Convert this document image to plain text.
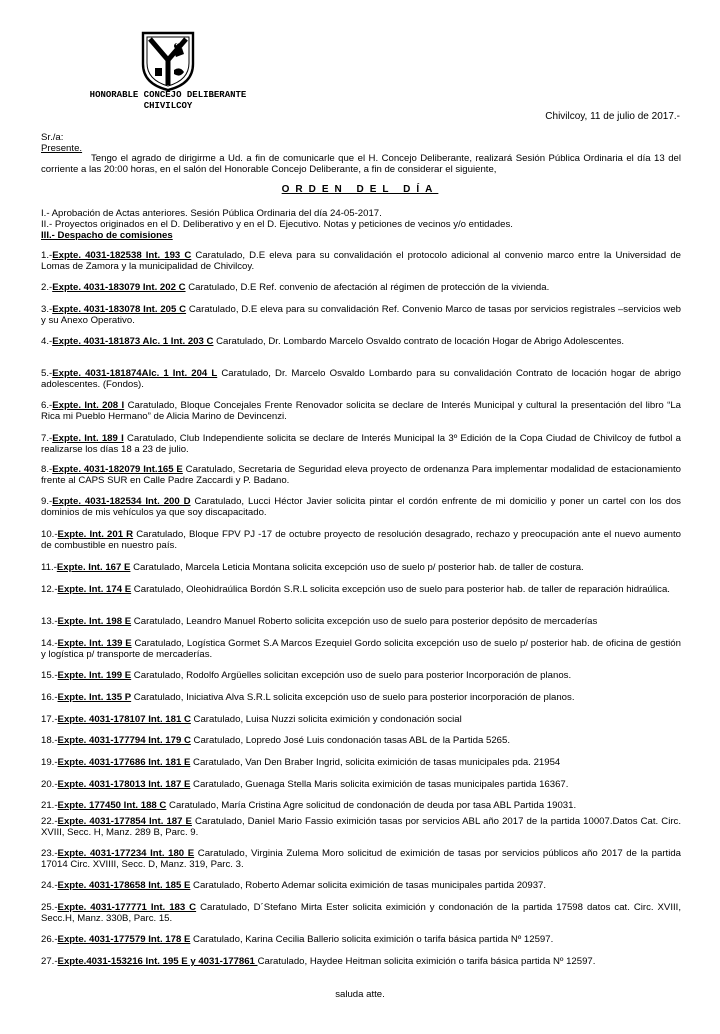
HONORABLE CONCEJO DELIBERANTE
CHIVILCOY
Chivilcoy, 11 de julio de 2017.-
Sr./a:
Presente.
Tengo el agrado de dirigirme a Ud. a fin de comunicarle que el H. Concejo Deliberante, realizará Sesión Pública Ordinaria el día 13 del corriente a las 20:00 horas, en el salón del Honorable Concejo Deliberante, a fin de considerar el siguiente,
ORDEN DEL DÍA
I.- Aprobación de Actas anteriores. Sesión Pública Ordinaria del día 24-05-2017.
II.- Proyectos originados en el D. Deliberativo y en el D. Ejecutivo. Notas y peticiones de vecinos y/o entidades.
III.- Despacho de comisiones
1.-Expte. 4031-182538 Int. 193 C Caratulado, D.E eleva para su convalidación el protocolo adicional al convenio marco entre la Universidad de Lomas de Zamora y la municipalidad de Chivilcoy.
2.-Expte. 4031-183079 Int. 202 C Caratulado, D.E Ref. convenio de afectación al régimen de protección de la vivienda.
3.-Expte. 4031-183078 Int. 205 C Caratulado, D.E eleva para su convalidación Ref. Convenio Marco de tasas por servicios registrales –servicios web y su Anexo Operativo.
4.-Expte. 4031-181873 Alc. 1 Int. 203 C Caratulado, Dr. Lombardo Marcelo Osvaldo contrato de locación Hogar de Abrigo Adolescentes.
5.-Expte. 4031-181874Alc. 1 Int. 204 L Caratulado, Dr. Marcelo Osvaldo Lombardo para su convalidación Contrato de locación hogar de abrigo adolescentes. (Fondos).
6.-Expte. Int. 208 I Caratulado, Bloque Concejales Frente Renovador solicita se declare de Interés Municipal y cultural la presentación del libro “La Rica mi Pueblo Hermano” de Alicia Marino de Devincenzi.
7.-Expte. Int. 189 I Caratulado, Club Independiente solicita se declare de Interés Municipal la 3º Edición de la Copa Ciudad de Chivilcoy de futbol a realizarse los días 18 a 23 de julio.
8.-Expte. 4031-182079 Int.165 E Caratulado, Secretaria de Seguridad eleva proyecto de ordenanza Para implementar modalidad de estacionamiento frente al CAPS SUR en Calle Padre Zaccardi y P. Badano.
9.-Expte. 4031-182534 Int. 200 D Caratulado, Lucci Héctor Javier solicita pintar el cordón enfrente de mi domicilio y poner un cartel con los dos dominios de mis vehículos ya que soy discapacitado.
10.-Expte. Int. 201 R Caratulado, Bloque FPV PJ -17 de octubre proyecto de resolución desagrado, rechazo y preocupación ante el nuevo aumento de combustible en nuestro país.
11.-Expte. Int. 167 E Caratulado, Marcela Leticia Montana solicita excepción uso de suelo p/ posterior hab. de taller de costura.
12.-Expte. Int. 174 E Caratulado, Oleohidraúlica Bordón S.R.L solicita excepción uso de suelo para posterior hab. de taller de reparación hidraúlica.
13.-Expte. Int. 198 E Caratulado, Leandro Manuel Roberto solicita excepción uso de suelo para posterior depósito de mercaderías
14.-Expte. Int. 139 E Caratulado, Logística Gormet S.A Marcos Ezequiel Gordo solicita excepción uso de suelo p/ posterior hab. de oficina de gestión y logística p/ transporte de mercaderías.
15.-Expte. Int. 199 E Caratulado, Rodolfo Argüelles solicitan excepción uso de suelo para posterior Incorporación de planos.
16.-Expte. Int. 135 P Caratulado, Iniciativa Alva S.R.L solicita excepción uso de suelo para posterior incorporación de planos.
17.-Expte. 4031-178107 Int. 181 C Caratulado, Luisa Nuzzi solicita eximición y condonación social
18.-Expte. 4031-177794 Int. 179 C Caratulado, Lopredo José Luis condonación tasas ABL de la Partida 5265.
19.-Expte. 4031-177686 Int. 181 E Caratulado, Van Den Braber Ingrid, solicita eximición de tasas municipales pda. 21954
20.-Expte. 4031-178013 Int. 187 E Caratulado, Guenaga Stella Maris solicita eximición de tasas municipales partida 16367.
21.-Expte. 177450 Int. 188 C Caratulado, María Cristina Agre solicitud de condonación de deuda por tasa ABL Partida 19031.
22.-Expte. 4031-177854 Int. 187 E Caratulado, Daniel Mario Fassio eximición tasas por servicios ABL año 2017 de la partida 10007.Datos Cat. Circ. XVIII, Secc. H, Manz. 289 B, Parc. 9.
23.-Expte. 4031-177234 Int. 180 E Caratulado, Virginia Zulema Moro solicitud de eximición de tasas por servicios públicos año 2017 de la partida 17014 Circ. XVIIII, Secc. D, Manz. 319, Parc. 3.
24.-Expte. 4031-178658 Int. 185 E Caratulado, Roberto Ademar solicita eximición de tasas municipales partida 20937.
25.-Expte. 4031-177771 Int. 183 C Caratulado, D´Stefano Mirta Ester solicita eximición y condonación de la partida 17598 datos cat. Circ. XVIII, Secc.H, Manz. 330B, Parc. 15.
26.-Expte. 4031-177579 Int. 178 E Caratulado, Karina Cecilia Ballerio solicita eximición o tarifa básica partida Nº 12597.
27.-Expte.4031-153216 Int. 195 E y 4031-177861 Caratulado, Haydee Heitman solicita eximición o tarifa básica partida Nº 12597.
saluda atte.
